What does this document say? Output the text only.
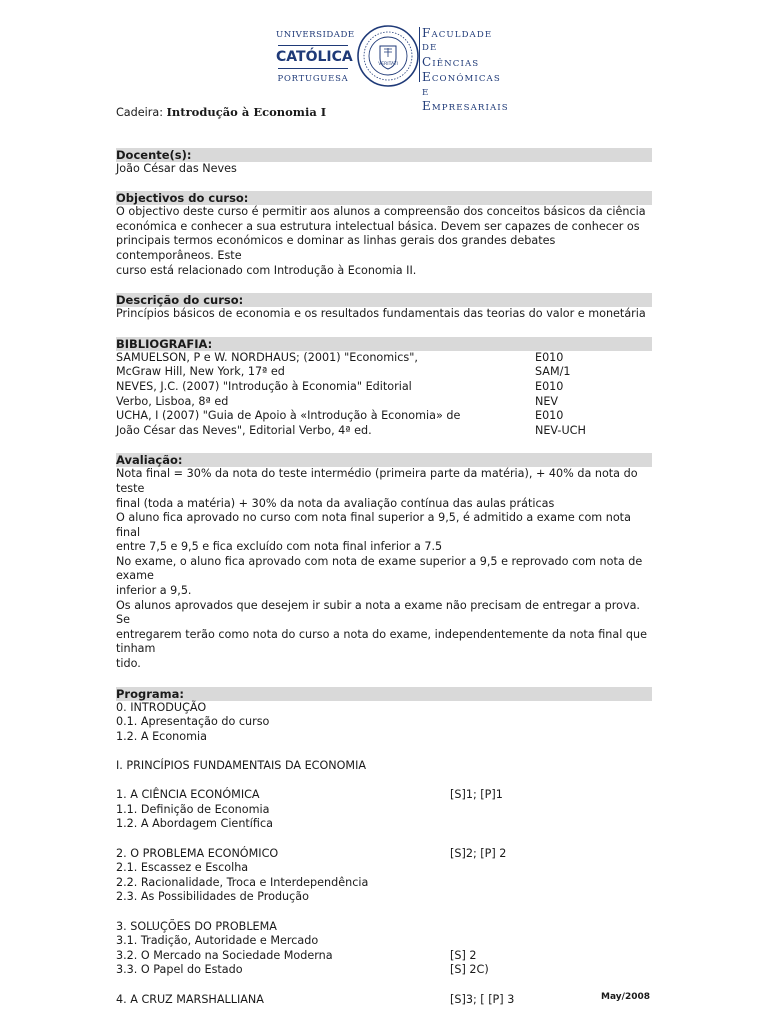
UNIVERSIDADE
CATÓLICA
PORTUGUESA
VERITATI
FACULDADE DE
CIÊNCIAS
ECONÓMICAS E
EMPRESARIAIS
Cadeira: Introdução à Economia I
Docente(s):
João César das Neves
Objectivos do curso:
O objectivo deste curso é permitir aos alunos a compreensão dos conceitos básicos da ciência
económica e conhecer a sua estrutura intelectual básica. Devem ser capazes de conhecer os
principais termos económicos e dominar as linhas gerais dos grandes debates contemporâneos. Este
curso está relacionado com Introdução à Economia II.
Descrição do curso:
Princípios básicos de economia e os resultados fundamentais das teorias do valor e monetária
BIBLIOGRAFIA:
SAMUELSON, P e W. NORDHAUS; (2001) "Economics",	E010
McGraw Hill, New York, 17ª ed	SAM/1
NEVES, J.C. (2007) "Introdução à Economia" Editorial	E010
Verbo, Lisboa, 8ª ed	NEV
UCHA, I (2007) "Guia de Apoio à «Introdução à Economia» de	E010
João César das Neves", Editorial Verbo, 4ª ed.	NEV-UCH
Avaliação:
Nota final = 30% da nota do teste intermédio (primeira parte da matéria), + 40% da nota do teste
final (toda a matéria) + 30% da nota da avaliação contínua das aulas práticas
O aluno fica aprovado no curso com nota final superior a 9,5, é admitido a exame com nota final
entre 7,5 e 9,5 e fica excluído com nota final inferior a 7.5
No exame, o aluno fica aprovado com nota de exame superior a 9,5 e reprovado com nota de exame
inferior a 9,5.
Os alunos aprovados que desejem ir subir a nota a exame não precisam de entregar a prova. Se
entregarem terão como nota do curso a nota do exame, independentemente da nota final que tinham
tido.
Programa:
0. INTRODUÇÃO
0.1. Apresentação do curso
1.2. A Economia
I. PRINCÍPIOS FUNDAMENTAIS DA ECONOMIA
1. A CIÊNCIA ECONÓMICA	[S]1; [P]1
1.1. Definição de Economia
1.2. A Abordagem Científica
2. O PROBLEMA ECONÓMICO	[S]2; [P] 2
2.1. Escassez e Escolha
2.2. Racionalidade, Troca e Interdependência
2.3. As Possibilidades de Produção
3. SOLUÇÕES DO PROBLEMA
3.1. Tradição, Autoridade e Mercado
3.2. O Mercado na Sociedade Moderna	[S] 2
3.3. O Papel do Estado	[S] 2C)
4. A CRUZ MARSHALLIANA	[S]3; [ [P] 3	May/2008
